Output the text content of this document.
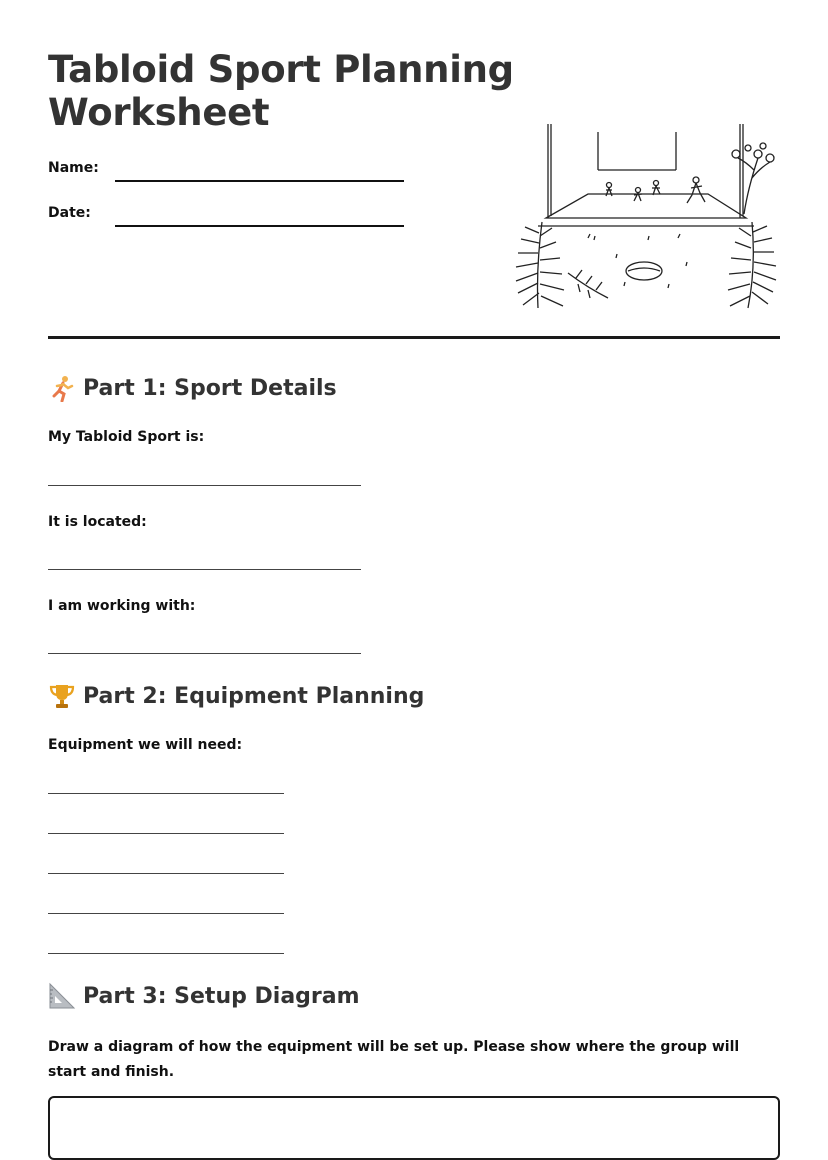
Tabloid Sport Planning
Worksheet
Name:
Date:
Part 1: Sport Details
My Tabloid Sport is:
It is located:
I am working with:
Part 2: Equipment Planning
Equipment we will need:
Part 3: Setup Diagram
Draw a diagram of how the equipment will be set up. Please show where the group will start and finish.
